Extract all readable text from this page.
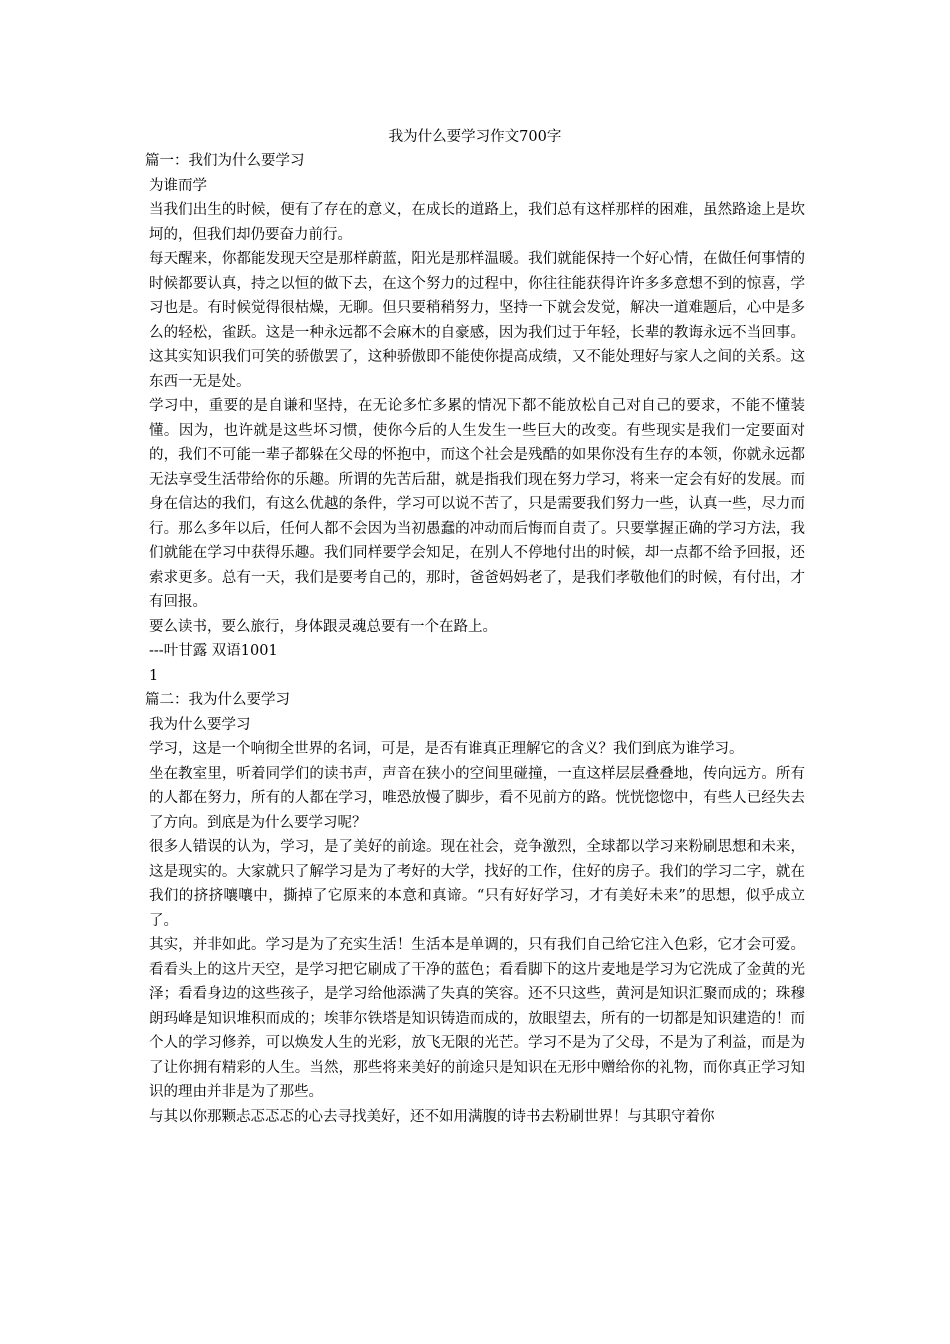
我为什么要学习作文700字

篇一：我们为什么要学习

为谁而学

当我们出生的时候，便有了存在的意义，在成长的道路上，我们总有这样那样的困难，虽然路途上是坎坷的，但我们却仍要奋力前行。

每天醒来，你都能发现天空是那样蔚蓝，阳光是那样温暖。我们就能保持一个好心情，在做任何事情的时候都要认真，持之以恒的做下去，在这个努力的过程中，你往往能获得许许多多意想不到的惊喜，学习也是。有时候觉得很枯燥，无聊。但只要稍稍努力，坚持一下就会发觉，解决一道难题后，心中是多么的轻松，雀跃。这是一种永远都不会麻木的自豪感，因为我们过于年轻，长辈的教诲永远不当回事。这其实知识我们可笑的骄傲罢了，这种骄傲即不能使你提高成绩，又不能处理好与家人之间的关系。这东西一无是处。

学习中，重要的是自谦和坚持，在无论多忙多累的情况下都不能放松自己对自己的要求，不能不懂装懂。因为，也许就是这些坏习惯，使你今后的人生发生一些巨大的改变。有些现实是我们一定要面对的，我们不可能一辈子都躲在父母的怀抱中，而这个社会是残酷的如果你没有生存的本领，你就永远都无法享受生活带给你的乐趣。所谓的先苦后甜，就是指我们现在努力学习，将来一定会有好的发展。而身在信达的我们，有这么优越的条件，学习可以说不苦了，只是需要我们努力一些，认真一些，尽力而行。那么多年以后，任何人都不会因为当初愚蠢的冲动而后悔而自责了。只要掌握正确的学习方法，我们就能在学习中获得乐趣。我们同样要学会知足，在别人不停地付出的时候，却一点都不给予回报，还索求更多。总有一天，我们是要考自己的，那时，爸爸妈妈老了，是我们孝敬他们的时候，有付出，才有回报。

要么读书，要么旅行，身体跟灵魂总要有一个在路上。

---叶甘露 双语1001

1

篇二：我为什么要学习

我为什么要学习

学习，这是一个响彻全世界的名词，可是，是否有谁真正理解它的含义？我们到底为谁学习。

坐在教室里，听着同学们的读书声，声音在狭小的空间里碰撞，一直这样层层叠叠地，传向远方。所有的人都在努力，所有的人都在学习，唯恐放慢了脚步，看不见前方的路。恍恍惚惚中，有些人已经失去了方向。到底是为什么要学习呢？

很多人错误的认为，学习，是了美好的前途。现在社会，竞争激烈，全球都以学习来粉刷思想和未来，这是现实的。大家就只了解学习是为了考好的大学，找好的工作，住好的房子。我们的学习二字，就在我们的挤挤嚷嚷中，撕掉了它原来的本意和真谛。“只有好好学习，才有美好未来”的思想，似乎成立了。

其实，并非如此。学习是为了充实生活！生活本是单调的，只有我们自己给它注入色彩，它才会可爱。看看头上的这片天空，是学习把它刷成了干净的蓝色；看看脚下的这片麦地是学习为它洗成了金黄的光泽；看看身边的这些孩子，是学习给他添满了失真的笑容。还不只这些，黄河是知识汇聚而成的；珠穆朗玛峰是知识堆积而成的；埃菲尔铁塔是知识铸造而成的，放眼望去，所有的一切都是知识建造的！而个人的学习修养，可以焕发人生的光彩，放飞无限的光芒。学习不是为了父母，不是为了利益，而是为了让你拥有精彩的人生。当然，那些将来美好的前途只是知识在无形中赠给你的礼物，而你真正学习知识的理由并非是为了那些。

与其以你那颗忐忑忑忑的心去寻找美好，还不如用满腹的诗书去粉刷世界！与其职守着你
